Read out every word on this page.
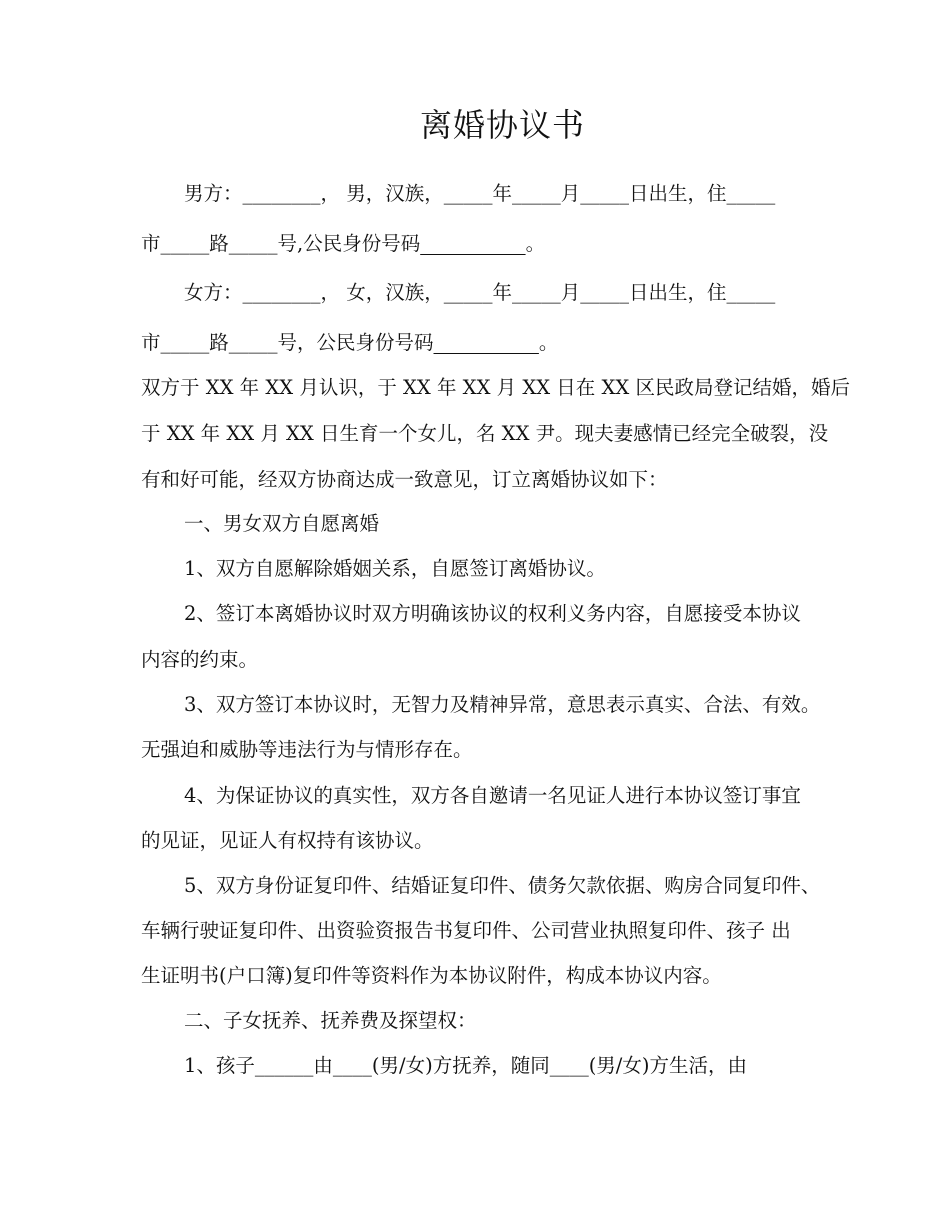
离婚协议书
男方：________， 男，汉族，_____年_____月_____日出生，住_____
市_____路_____号,公民身份号码	。
女方：________， 女，汉族，_____年_____月_____日出生，住_____
市_____路_____号，公民身份号码	。
双方于 XX 年 XX 月认识，于 XX 年 XX 月 XX 日在 XX 区民政局登记结婚，婚后
于 XX 年 XX 月 XX 日生育一个女儿，名 XX 尹。现夫妻感情已经完全破裂，没
有和好可能，经双方协商达成一致意见，订立离婚协议如下：
一、男女双方自愿离婚
1、双方自愿解除婚姻关系，自愿签订离婚协议。
2、签订本离婚协议时双方明确该协议的权利义务内容，自愿接受本协议
内容的约束。
3、双方签订本协议时，无智力及精神异常，意思表示真实、合法、有效。
无强迫和威胁等违法行为与情形存在。
4、为保证协议的真实性，双方各自邀请一名见证人进行本协议签订事宜
的见证，见证人有权持有该协议。
5、双方身份证复印件、结婚证复印件、债务欠款依据、购房合同复印件、
车辆行驶证复印件、出资验资报告书复印件、公司营业执照复印件、孩子 出
生证明书(户口簿)复印件等资料作为本协议附件，构成本协议内容。
二、子女抚养、抚养费及探望权：
1、孩子______由____(男/女)方抚养，随同____(男/女)方生活，由
